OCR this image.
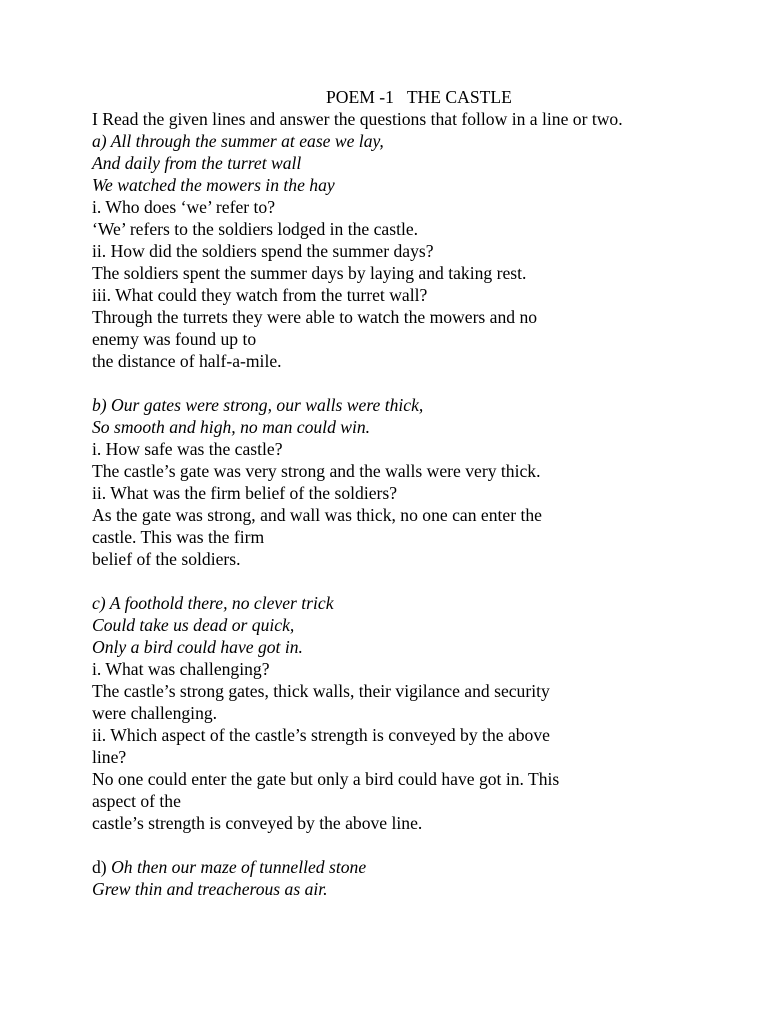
POEM -1   THE CASTLE
I Read the given lines and answer the questions that follow in a line or two.
a) All through the summer at ease we lay,
And daily from the turret wall
We watched the mowers in the hay
i. Who does ‘we’ refer to?
‘We’ refers to the soldiers lodged in the castle.
ii. How did the soldiers spend the summer days?
The soldiers spent the summer days by laying and taking rest.
iii. What could they watch from the turret wall?
Through the turrets they were able to watch the mowers and no
enemy was found up to
the distance of half-a-mile.
b) Our gates were strong, our walls were thick,
So smooth and high, no man could win.
i. How safe was the castle?
The castle’s gate was very strong and the walls were very thick.
ii. What was the firm belief of the soldiers?
As the gate was strong, and wall was thick, no one can enter the
castle. This was the firm
belief of the soldiers.
c) A foothold there, no clever trick
Could take us dead or quick,
Only a bird could have got in.
i. What was challenging?
The castle’s strong gates, thick walls, their vigilance and security
were challenging.
ii. Which aspect of the castle’s strength is conveyed by the above
line?
No one could enter the gate but only a bird could have got in. This
aspect of the
castle’s strength is conveyed by the above line.
d) Oh then our maze of tunnelled stone
Grew thin and treacherous as air.
